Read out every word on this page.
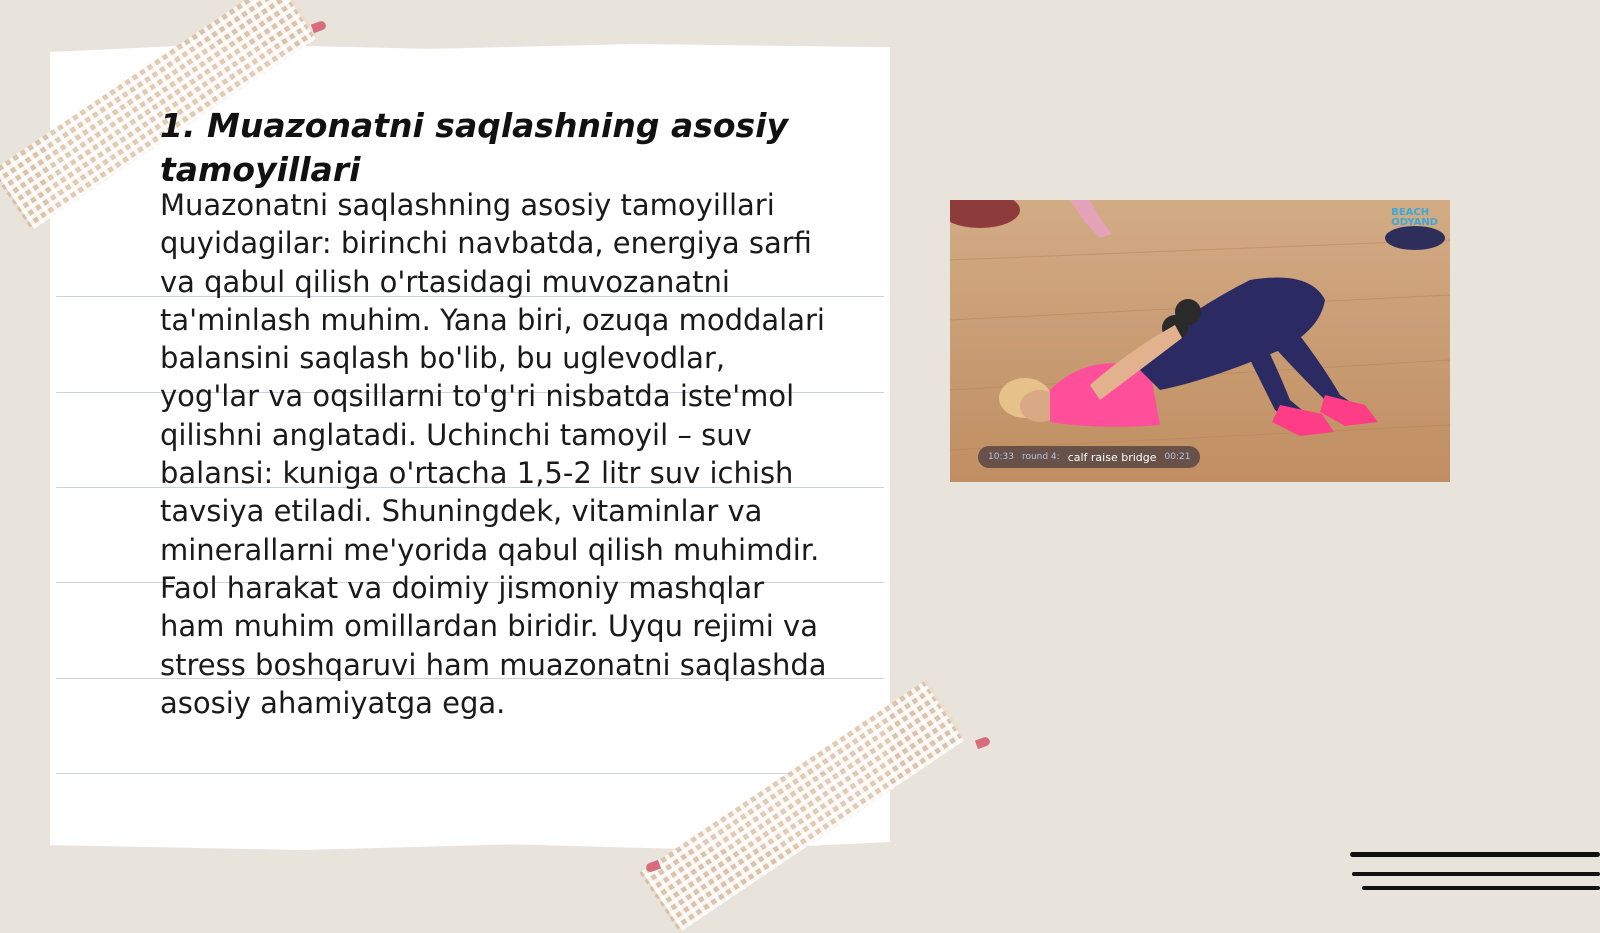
1. Muazonatni saqlashning asosiy tamoyillari

Muazonatni saqlashning asosiy tamoyillari quyidagilar: birinchi navbatda, energiya sarfi va qabul qilish o'rtasidagi muvozanatni ta'minlash muhim. Yana biri, ozuqa moddalari balansini saqlash bo'lib, bu uglevodlar, yog'lar va oqsillarni to'g'ri nisbatda iste'mol qilishni anglatadi. Uchinchi tamoyil – suv balansi: kuniga o'rtacha 1,5-2 litr suv ichish tavsiya etiladi. Shuningdek, vitaminlar va minerallarni me'yorida qabul qilish muhimdir. Faol harakat va doimiy jismoniy mashqlar ham muhim omillardan biridir. Uyqu rejimi va stress boshqaruvi ham muazonatni saqlashda asosiy ahamiyatga ega.

BEACH
ODYAND
10:33 round 4: calf raise bridge 00:21
